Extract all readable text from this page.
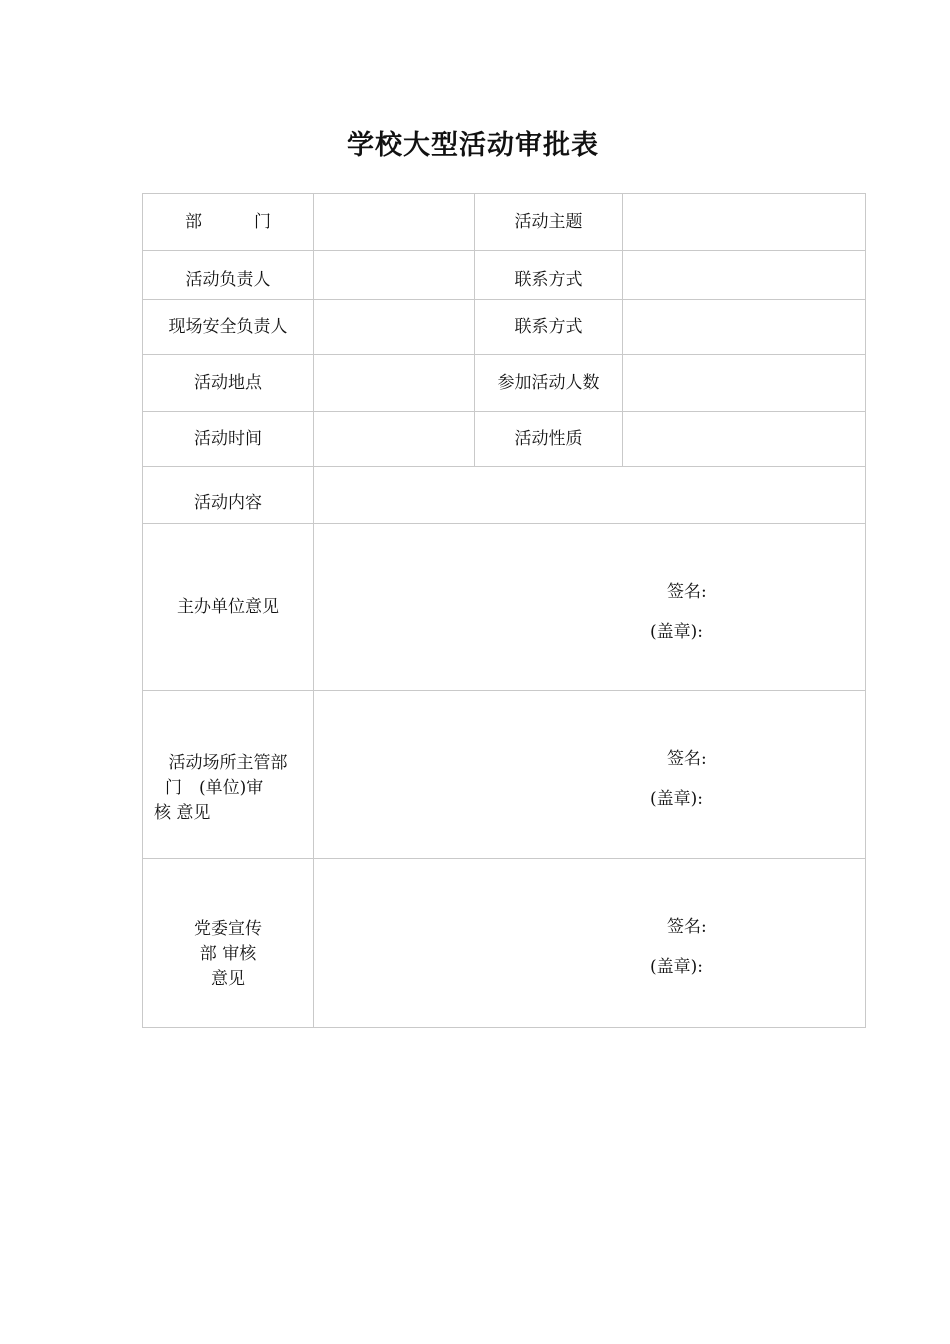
学校大型活动审批表
部 门		活动主题	
活动负责人		联系方式	
现场安全负责人		联系方式	
活动地点		参加活动人数	
活动时间		活动性质	
活动内容			
主办单位意见	签名:
(盖章):		

活动场所主管部
门　(单位)审
核 意见	签名:
(盖章):		

党委宣传
部 审核
意见	签名:
(盖章):		
